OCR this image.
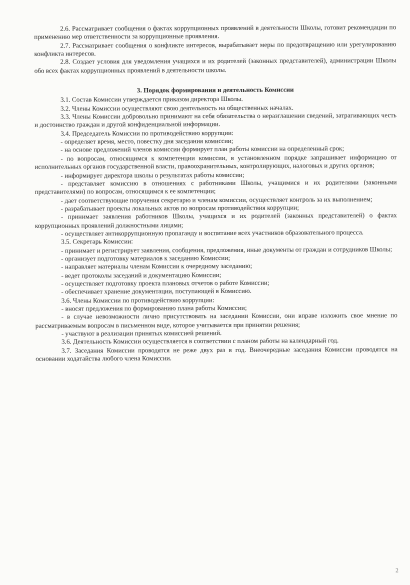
2.6. Рассматривает сообщения о фактах коррупционных проявлений в деятельности Школы, готовит рекомендации по применению мер ответственности за коррупционные проявления.

2.7. Рассматривает сообщения о конфликте интересов, вырабатывает меры по предотвращению или урегулированию конфликта интересов.

2.8. Создает условия для уведомления учащихся и их родителей (законных представителей), администрации Школы обо всех фактах коррупционных проявлений в деятельности школы.

3. Порядок формирования и деятельность Комиссии

3.1. Состав Комиссии утверждается приказом директора Школы.

3.2. Члены Комиссии осуществляют свою деятельность на общественных началах.

3.3. Члены Комиссии добровольно принимают на себя обязательства о неразглашении сведений, затрагивающих честь и достоинство граждан и другой конфиденциальной информации.

3.4. Председатель Комиссии по противодействию коррупции:

- определяет время, место, повестку дня заседания комиссии;

- на основе предложений членов комиссии формирует план работы комиссии на определенный срок;

- по вопросам, относящимся к компетенции комиссии, в установленном порядке запрашивает информацию от исполнительных органов государственной власти, правоохранительных, контролирующих, налоговых и других органов;

- информирует директора школы о результатах работы комиссии;

- представляет комиссию в отношениях с работниками Школы, учащимися и их родителями (законными представителями) по вопросам, относящимся к ее компетенции;

- дает соответствующие поручения секретарю и членам комиссии, осуществляет контроль за их выполнением;

- разрабатывает проекты локальных актов по вопросам противодействия коррупции;

- принимает заявления работников Школы, учащихся и их родителей (законных представителей) о фактах коррупционных проявлений должностными лицами;

- осуществляет антикоррупционную пропаганду и воспитание всех участников образовательного процесса.

3.5. Секретарь Комиссии:

- принимает и регистрирует заявления, сообщения, предложения, иные документы от граждан и сотрудников Школы;

- организует подготовку материалов к заседанию Комиссии;

- направляет материалы членам Комиссии к очередному заседанию;

- ведет протоколы заседаний и документацию Комиссии;

- осуществляет подготовку проекта плановых отчетов о работе Комиссии;

- обеспечивает хранение документации, поступающей в Комиссию.

3.6. Члены Комиссии по противодействию коррупции:

- вносят предложения по формированию плана работы Комиссии;

- в случае невозможности лично присутствовать на заседании Комиссии, они вправе изложить свое мнение по рассматриваемым вопросам в письменном виде, которое учитывается при принятии решения;

- участвуют в реализации принятых комиссией решений.

3.6. Деятельность Комиссии осуществляется в соответствии с планом работы на календарный год.

3.7. Заседания Комиссии проводятся не реже двух раз в год. Внеочередные заседания Комиссии проводятся на основании ходатайства любого члена Комиссии.

2
